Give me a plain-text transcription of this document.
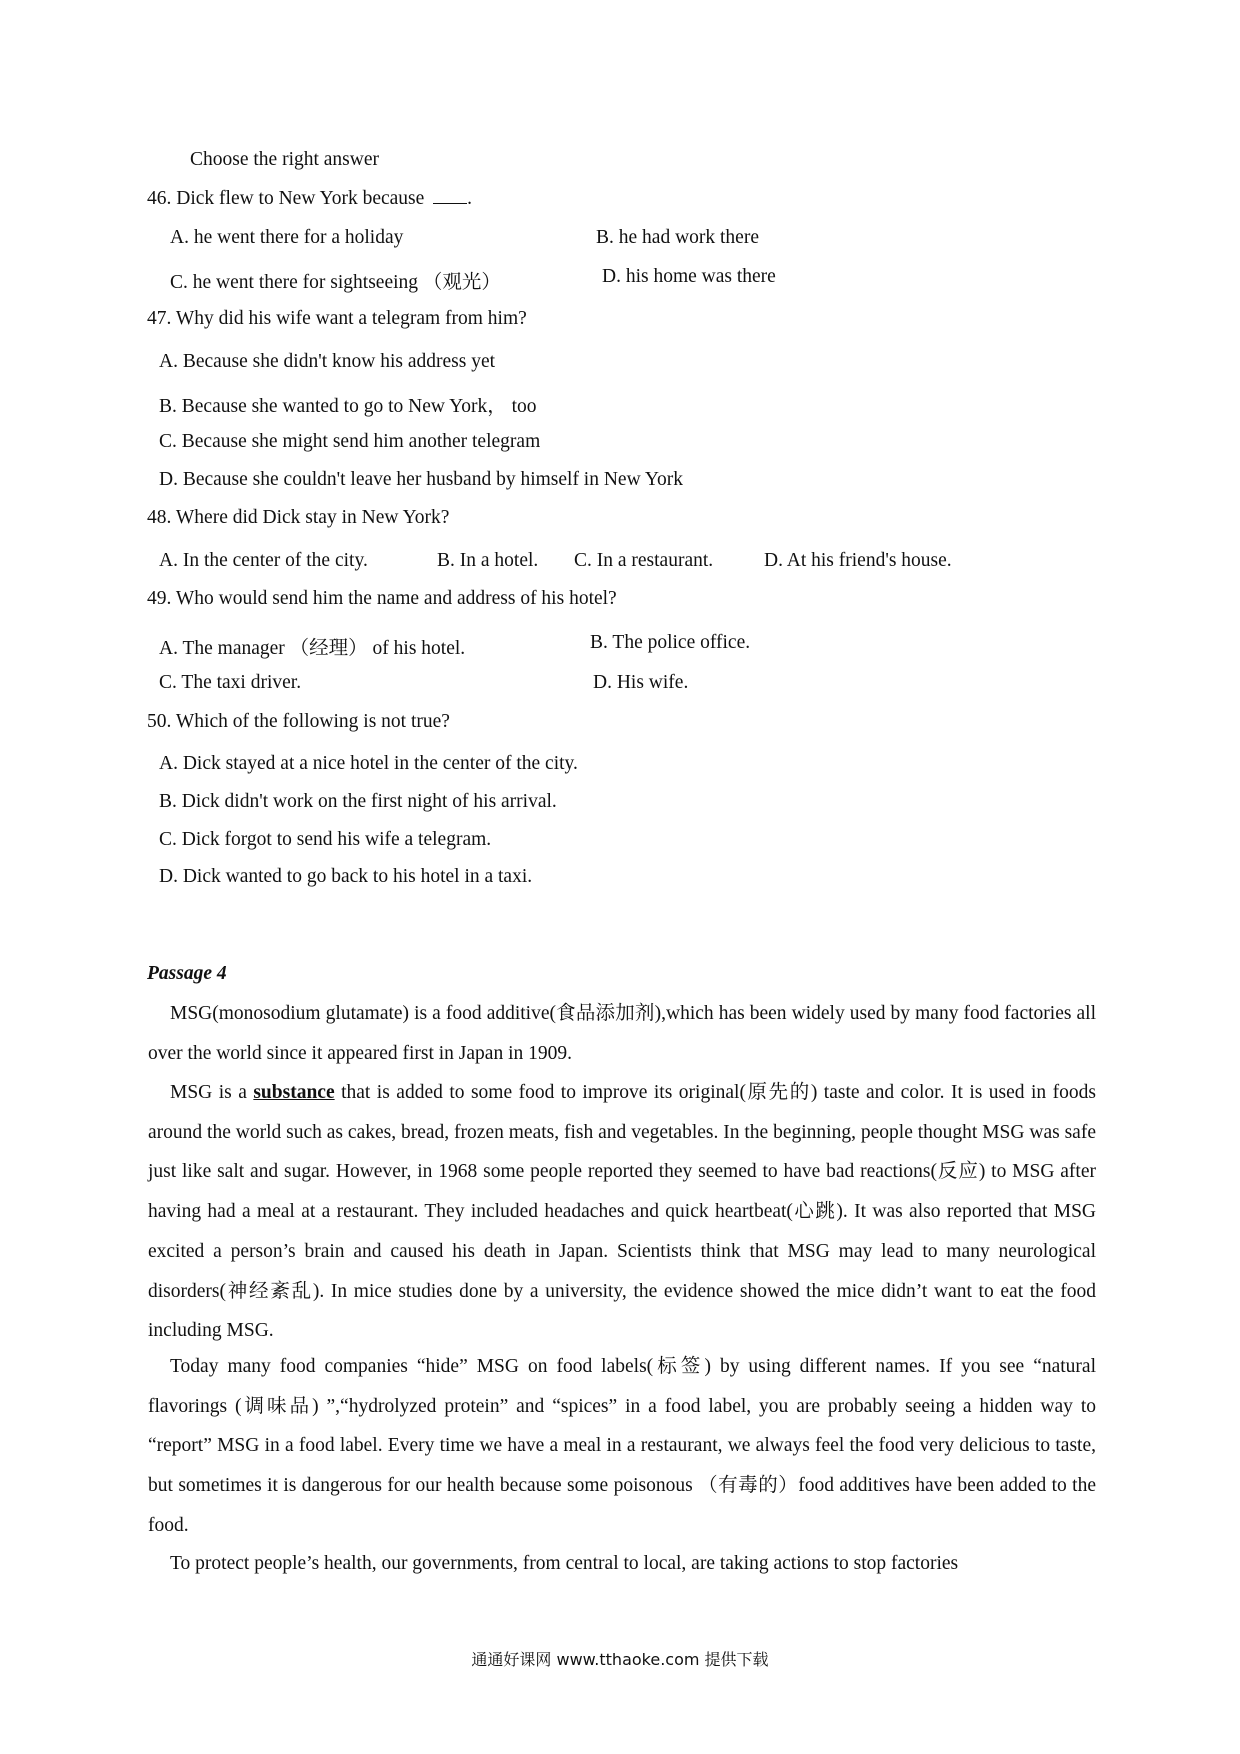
Choose the right answer
46. Dick flew to New York because .
A. he went there for a holiday	B. he had work there
C. he went there for sightseeing （观光）	D. his home was there
47. Why did his wife want a telegram from him?
A. Because she didn't know his address yet
B. Because she wanted to go to New York， too
C. Because she might send him another telegram
D. Because she couldn't leave her husband by himself in New York
48. Where did Dick stay in New York?
A. In the center of the city.	B. In a hotel. C. In a restaurant.	D. At his friend's house.
49. Who would send him the name and address of his hotel?
A. The manager （经理） of his hotel.	B. The police office.
C. The taxi driver.	D. His wife.
50. Which of the following is not true?
A. Dick stayed at a nice hotel in the center of the city.
B. Dick didn't work on the first night of his arrival.
C. Dick forgot to send his wife a telegram.
D. Dick wanted to go back to his hotel in a taxi.
Passage 4
MSG(monosodium glutamate) is a food additive(食品添加剂),which has been widely used by many food factories all over the world since it appeared first in Japan in 1909.
MSG is a substance that is added to some food to improve its original(原先的) taste and color. It is used in foods around the world such as cakes, bread, frozen meats, fish and vegetables. In the beginning, people thought MSG was safe just like salt and sugar. However, in 1968 some people reported they seemed to have bad reactions(反应) to MSG after having had a meal at a restaurant. They included headaches and quick heartbeat(心跳). It was also reported that MSG excited a person’s brain and caused his death in Japan. Scientists think that MSG may lead to many neurological disorders(神经紊乱). In mice studies done by a university, the evidence showed the mice didn’t want to eat the food including MSG.
Today many food companies “hide” MSG on food labels(标签) by using different names. If you see “natural flavorings (调味品) ”,“hydrolyzed protein” and “spices” in a food label, you are probably seeing a hidden way to “report” MSG in a food label. Every time we have a meal in a restaurant, we always feel the food very delicious to taste, but sometimes it is dangerous for our health because some poisonous （有毒的）food additives have been added to the food.
To protect people’s health, our governments, from central to local, are taking actions to stop factories
通通好课网 www.tthaoke.com 提供下载
